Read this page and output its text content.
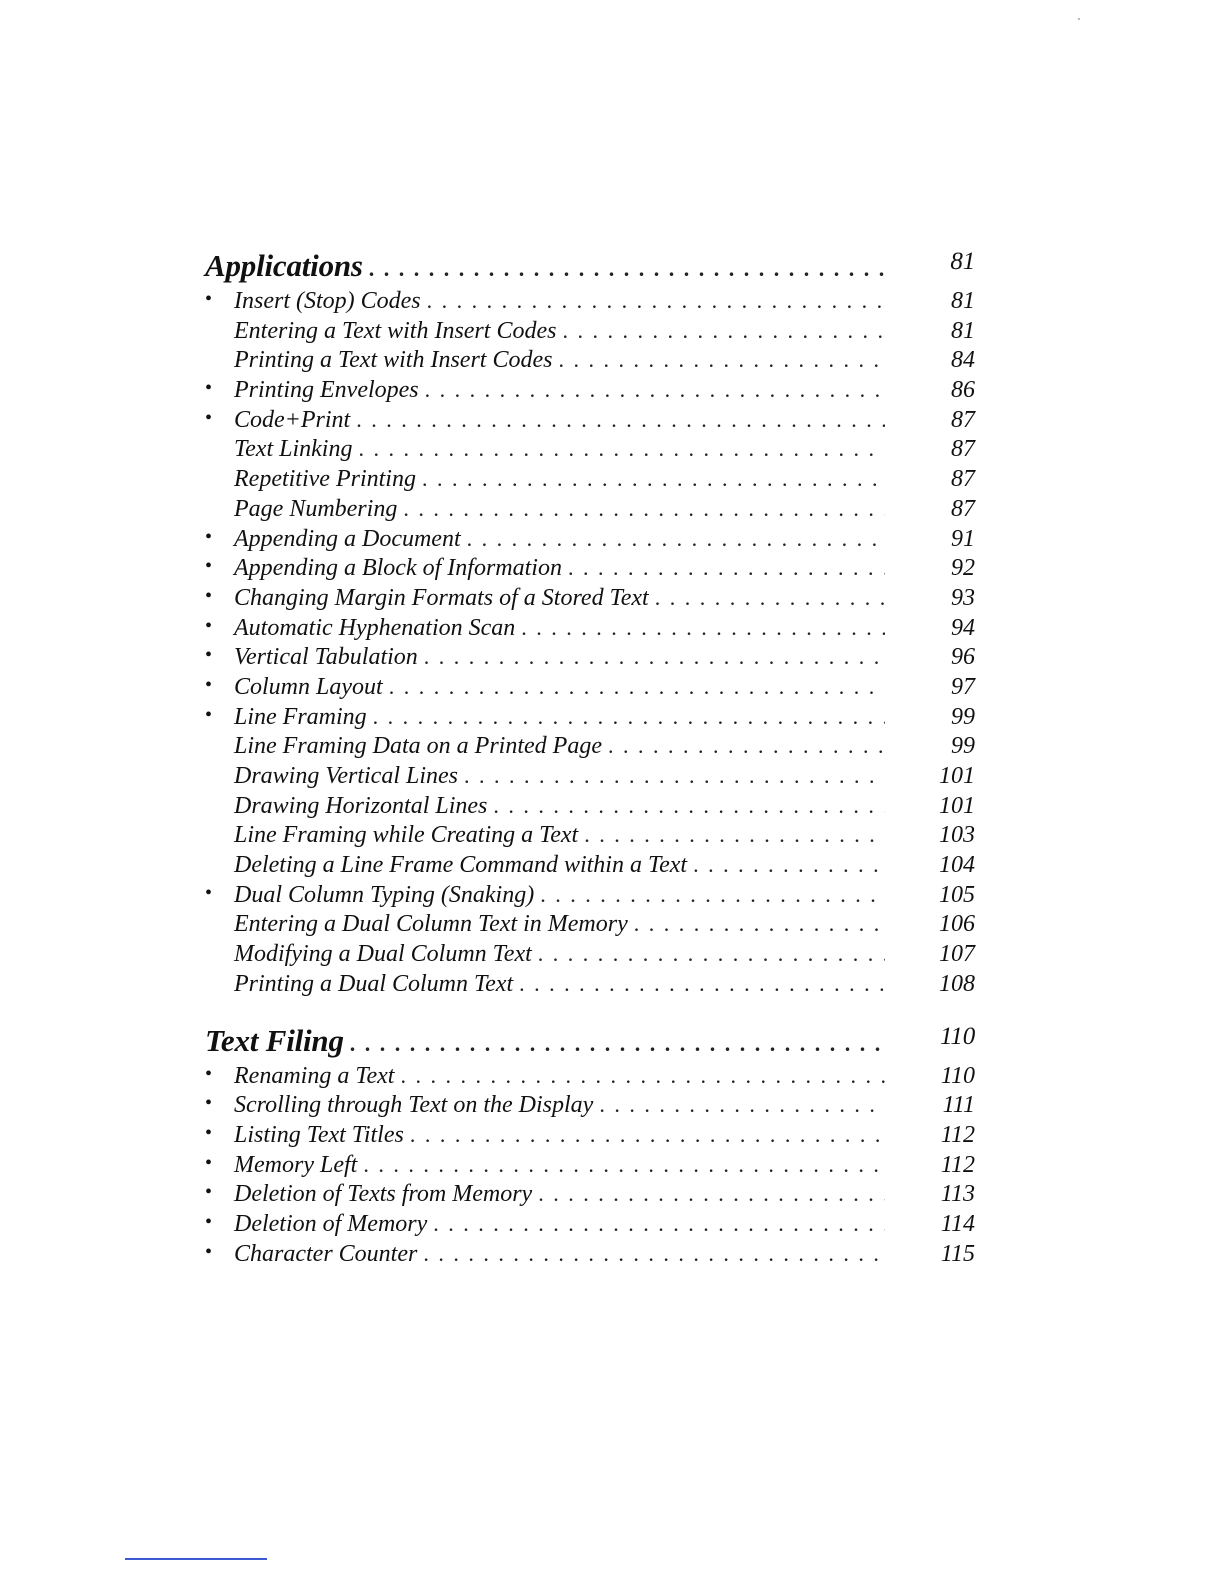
Applications . . .	81
• Insert (Stop) Codes . . .	81
Entering a Text with Insert Codes . . .	81
Printing a Text with Insert Codes . . .	84
• Printing Envelopes . . .	86
• Code+Print . . .	87
Text Linking . . .	87
Repetitive Printing . . .	87
Page Numbering . . .	87
• Appending a Document . . .	91
• Appending a Block of Information . . .	92
• Changing Margin Formats of a Stored Text . . .	93
• Automatic Hyphenation Scan . . .	94
• Vertical Tabulation . . .	96
• Column Layout . . .	97
• Line Framing . . .	99
Line Framing Data on a Printed Page . . .	99
Drawing Vertical Lines . . .	101
Drawing Horizontal Lines . . .	101
Line Framing while Creating a Text . . .	103
Deleting a Line Frame Command within a Text . . .	104
• Dual Column Typing (Snaking) . . .	105
Entering a Dual Column Text in Memory . . .	106
Modifying a Dual Column Text . . .	107
Printing a Dual Column Text . . .	108
Text Filing . . .	110
• Renaming a Text . . .	110
• Scrolling through Text on the Display . . .	111
• Listing Text Titles . . .	112
• Memory Left . . .	112
• Deletion of Texts from Memory . . .	113
• Deletion of Memory . . .	114
• Character Counter . . .	115
